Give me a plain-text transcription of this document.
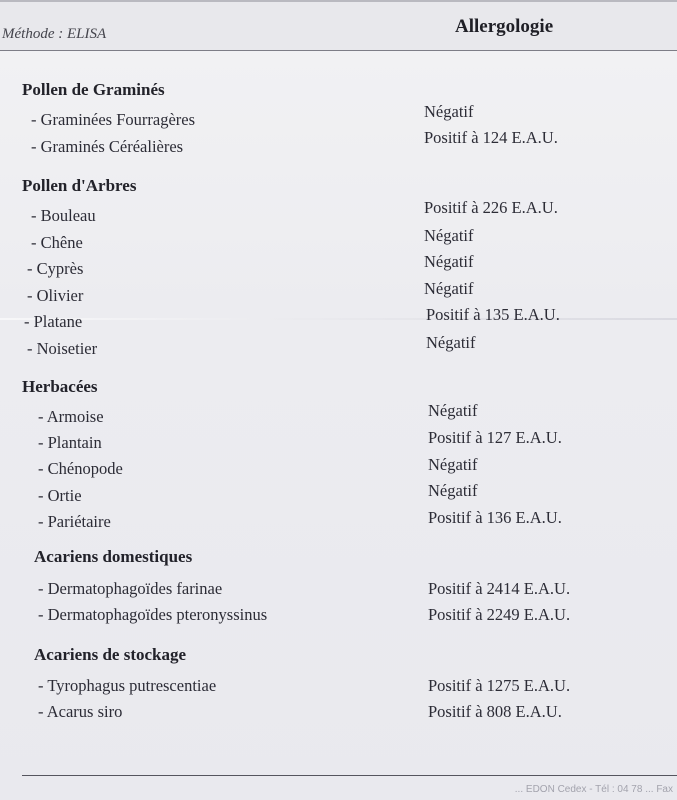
Méthode : ELISA	Allergologie
Pollen de Graminés
- Graminées Fourragères	Négatif
- Graminés Céréalières	Positif à 124 E.A.U.
Pollen d'Arbres
- Bouleau	Positif à 226 E.A.U.
- Chêne	Négatif
- Cyprès	Négatif
- Olivier	Négatif
- Platane	Positif à 135 E.A.U.
- Noisetier	Négatif
Herbacées
- Armoise	Négatif
- Plantain	Positif à 127 E.A.U.
- Chénopode	Négatif
- Ortie	Négatif
- Pariétaire	Positif à 136 E.A.U.
Acariens domestiques
- Dermatophagoïdes farinae	Positif à 2414 E.A.U.
- Dermatophagoïdes pteronyssinus	Positif à 2249 E.A.U.
Acariens de stockage
- Tyrophagus putrescentiae	Positif à 1275 E.A.U.
- Acarus siro	Positif à 808 E.A.U.
... EDON Cedex - Tél : 04 78 ... Fax
